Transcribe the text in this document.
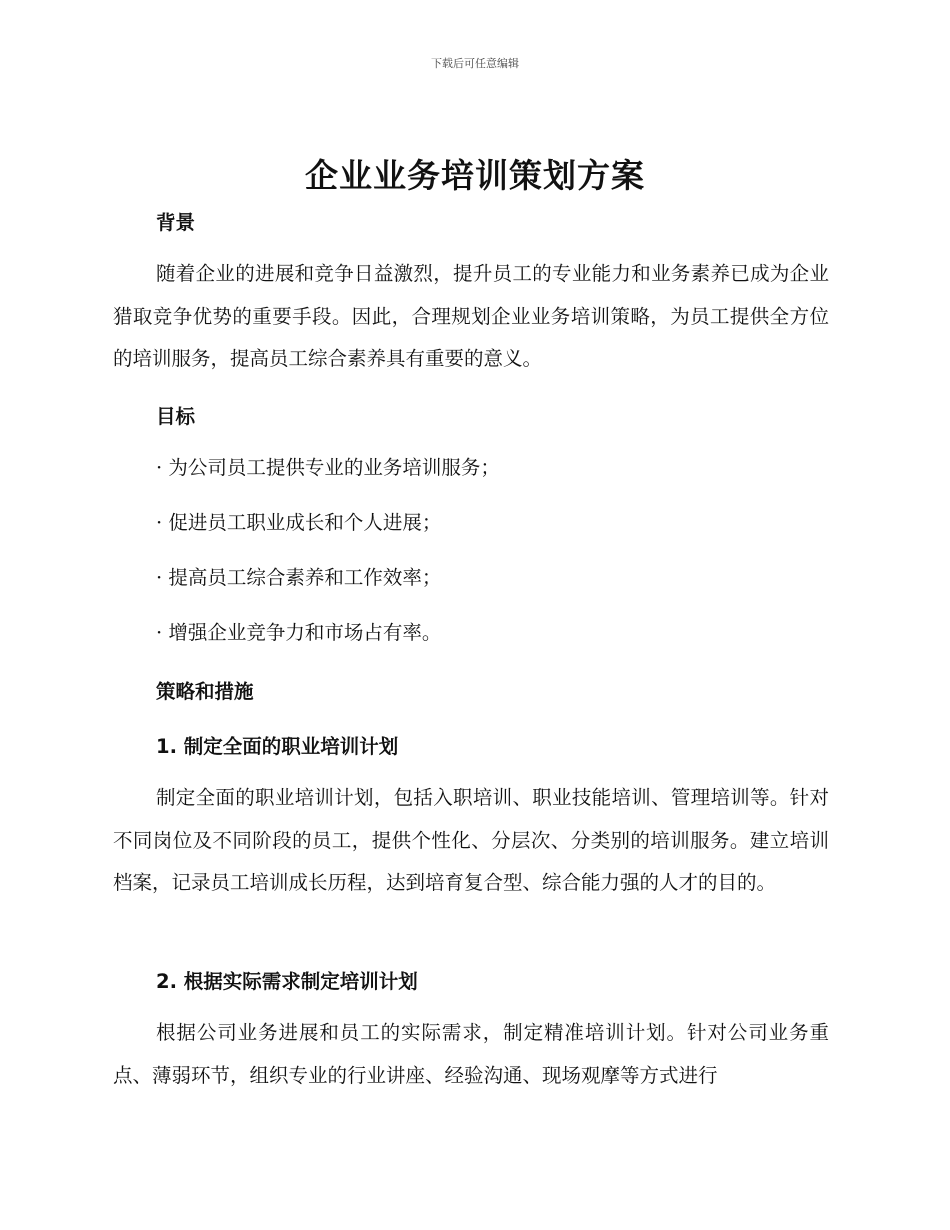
下载后可任意编辑
企业业务培训策划方案
背景
随着企业的进展和竞争日益激烈，提升员工的专业能力和业务素养已成为企业猎取竞争优势的重要手段。因此，合理规划企业业务培训策略，为员工提供全方位的培训服务，提高员工综合素养具有重要的意义。
目标
· 为公司员工提供专业的业务培训服务；
· 促进员工职业成长和个人进展；
· 提高员工综合素养和工作效率；
· 增强企业竞争力和市场占有率。
策略和措施
1. 制定全面的职业培训计划
制定全面的职业培训计划，包括入职培训、职业技能培训、管理培训等。针对不同岗位及不同阶段的员工，提供个性化、分层次、分类别的培训服务。建立培训档案，记录员工培训成长历程，达到培育复合型、综合能力强的人才的目的。
2. 根据实际需求制定培训计划
根据公司业务进展和员工的实际需求，制定精准培训计划。针对公司业务重点、薄弱环节，组织专业的行业讲座、经验沟通、现场观摩等方式进行
